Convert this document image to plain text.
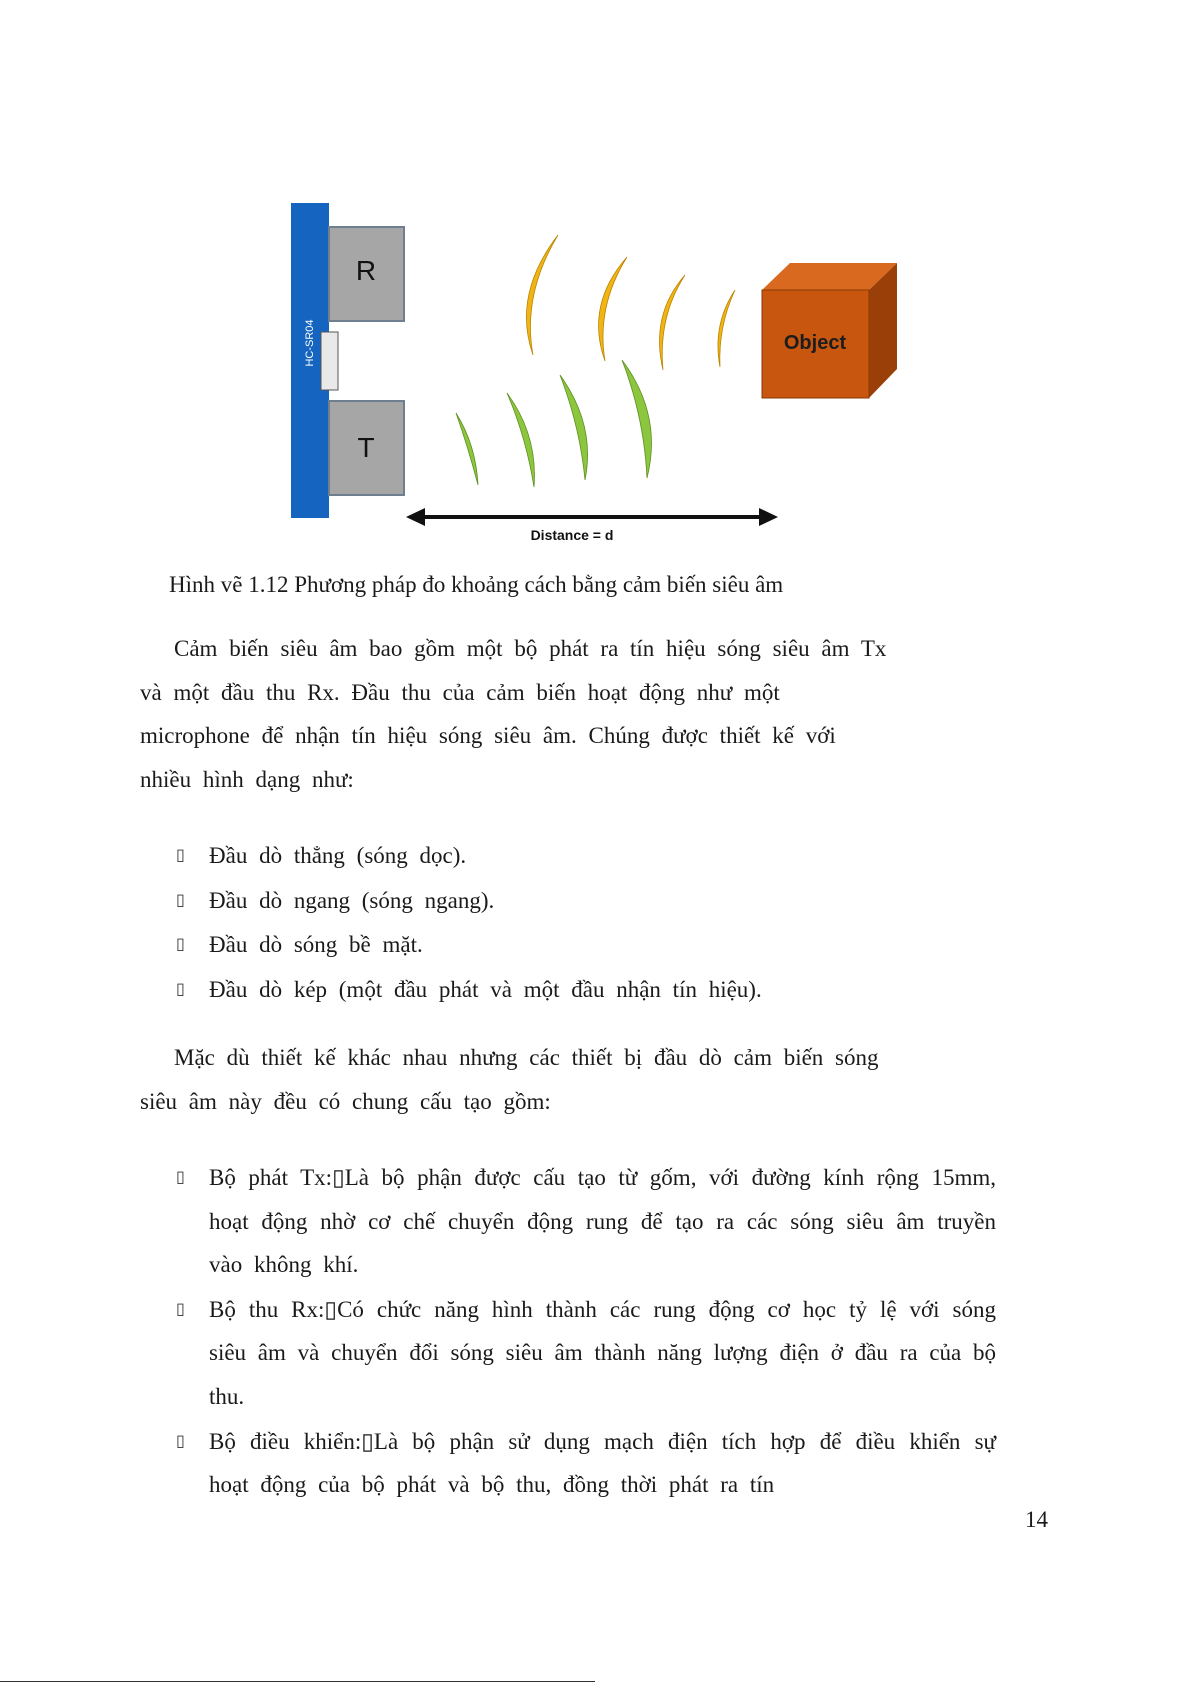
HC-SR04
R
T
Object
Distance = d
Hình vẽ 1.12 Phương pháp đo khoảng cách bằng cảm biến siêu âm

Cảm biến siêu âm bao gồm một bộ phát ra tín hiệu sóng siêu âm Tx
và một đầu thu Rx. Đầu thu của cảm biến hoạt động như một
microphone để nhận tín hiệu sóng siêu âm. Chúng được thiết kế với
nhiều hình dạng như:

▯ Đầu dò thẳng (sóng dọc).
▯ Đầu dò ngang (sóng ngang).
▯ Đầu dò sóng bề mặt.
▯ Đầu dò kép (một đầu phát và một đầu nhận tín hiệu).

Mặc dù thiết kế khác nhau nhưng các thiết bị đầu dò cảm biến sóng
siêu âm này đều có chung cấu tạo gồm:

▯ Bộ phát Tx:▯Là bộ phận được cấu tạo từ gốm, với đường kính rộng 15mm, hoạt động nhờ cơ chế chuyển động rung để tạo ra các sóng siêu âm truyền vào không khí.
▯ Bộ thu Rx:▯Có chức năng hình thành các rung động cơ học tỷ lệ với sóng siêu âm và chuyển đổi sóng siêu âm thành năng lượng điện ở đầu ra của bộ thu.
▯ Bộ điều khiển:▯Là bộ phận sử dụng mạch điện tích hợp để điều khiển sự hoạt động của bộ phát và bộ thu, đồng thời phát ra tín
14
